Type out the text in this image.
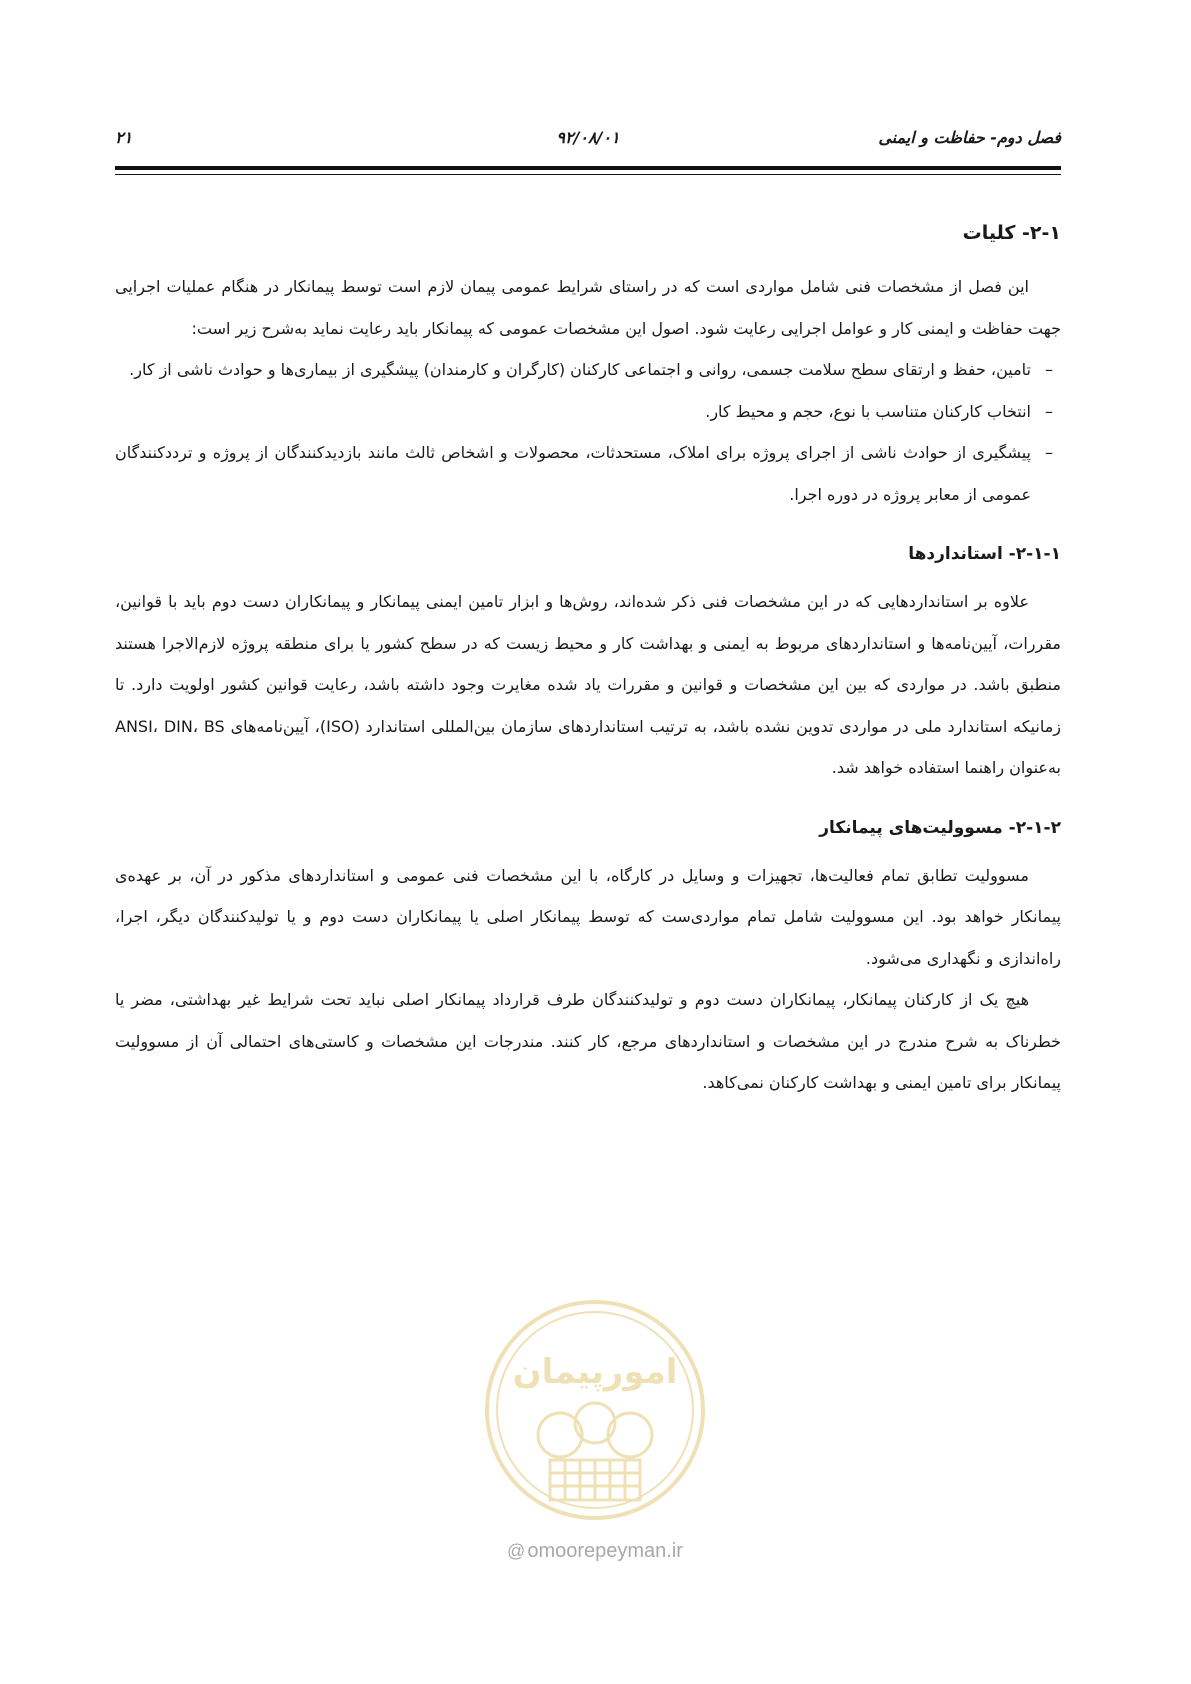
فصل دوم- حفاظت و ایمنی
۹۲/۰۸/۰۱
۲۱
۲-۱- کلیات

این فصل از مشخصات فنی شامل مواردی است که در راستای شرایط عمومی پیمان لازم است توسط پیمانکار در هنگام عملیات اجرایی جهت حفاظت و ایمنی کار و عوامل اجرایی رعایت شود. اصول این مشخصات عمومی که پیمانکار باید رعایت نماید به‌شرح زیر است:

– تامین، حفظ و ارتقای سطح سلامت جسمی، روانی و اجتماعی کارکنان (کارگران و کارمندان) پیشگیری از بیماری‌ها و حوادث ناشی از کار.
– انتخاب کارکنان متناسب با نوع، حجم و محیط کار.
– پیشگیری از حوادث ناشی از اجرای پروژه برای املاک، مستحدثات، محصولات و اشخاص ثالث مانند بازدیدکنندگان از پروژه و ترددکنندگان عمومی از معابر پروژه در دوره اجرا.
۲-۱-۱- استانداردها

علاوه بر استانداردهایی که در این مشخصات فنی ذکر شده‌اند، روش‌ها و ابزار تامین ایمنی پیمانکار و پیمانکاران دست دوم باید با قوانین، مقررات، آیین‌نامه‌ها و استانداردهای مربوط به ایمنی و بهداشت کار و محیط زیست که در سطح کشور یا برای منطقه پروژه لازم‌الاجرا هستند منطبق باشد. در مواردی که بین این مشخصات و قوانین و مقررات یاد شده مغایرت وجود داشته باشد، رعایت قوانین کشور اولویت دارد. تا زمانیکه استاندارد ملی در مواردی تدوین نشده باشد، به ترتیب استانداردهای سازمان بین‌المللی استاندارد (ISO)، آیین‌نامه‌های ANSI، DIN، BS به‌عنوان راهنما استفاده خواهد شد.

۲-۱-۲- مسوولیت‌های پیمانکار

مسوولیت تطابق تمام فعالیت‌ها، تجهیزات و وسایل در کارگاه، با این مشخصات فنی عمومی و استانداردهای مذکور در آن، بر عهده‌ی پیمانکار خواهد بود. این مسوولیت شامل تمام مواردی‌ست که توسط پیمانکار اصلی یا پیمانکاران دست دوم و یا تولیدکنندگان دیگر، اجرا، راه‌اندازی و نگهداری می‌شود.

هیچ یک از کارکنان پیمانکار، پیمانکاران دست دوم و تولیدکنندگان طرف قرارداد پیمانکار اصلی نباید تحت شرایط غیر بهداشتی، مضر یا خطرناک به شرح مندرج در این مشخصات و استانداردهای مرجع، کار کنند. مندرجات این مشخصات و کاستی‌های احتمالی آن از مسوولیت پیمانکار برای تامین ایمنی و بهداشت کارکنان نمی‌کاهد.

امورپیمان
@ omoorepeyman.ir
